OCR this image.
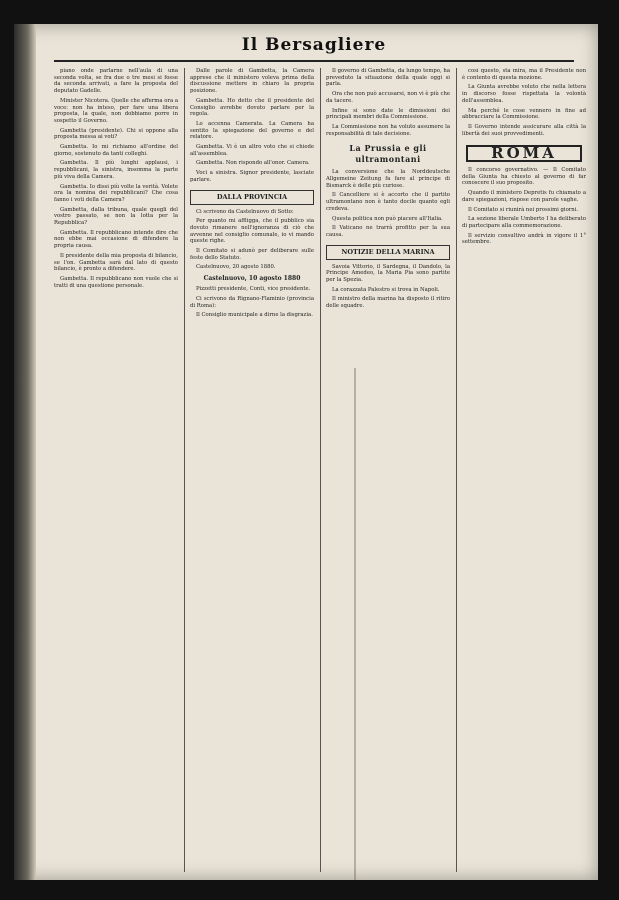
Il Bersagliere

piano onde parlarne nell'aula di una seconda volta, se fra due o tre mesi si fosse da seconda arrivati, a fare la proposta del deputato Gadelle.

Minister Nicotera. Quelle che afferma ora a voce: non ha inteso, per fare una libera proposta, la quale, non dobbiamo porre in sospetto il Governo.

Gambetta (presidente). Chi si oppone alla proposta messa ai voti?

Gambetta. Io mi richiamo all'ordine del giorno, sostenuto da tanti colleghi.

Gambetta. Il più lunghi applausi, i repubblicani, la sinistra, insomma la parte più viva della Camera.

Gambetta. Io dissi più volte la verità. Volete ora la nomina dei repubblicani? Che cosa fanno i voti della Camera?

Gambetta, dalla tribuna, quale quegli del vostro passato, se non la lotta per la Repubblica?

Gambetta. Il repubblicano intende dire che non ebbe mai occasione di difendere la propria causa.

Il presidente della mia proposta di bilancio, se l'on. Gambetta sarà dal lato di questo bilancio, è pronto a difendere.

Gambetta. Il repubblicano non vuole che si tratti di una questione personale.

Dalle parole di Gambetta, la Camera apprese che il ministero voleva prima della discussione mettere in chiaro la propria posizione.

Gambetta. Ho detto che il presidente del Consiglio avrebbe dovuto parlare per la regola.

Lo accenna Camerata. La Camera ha sentito la spiegazione del governo e del relatore.

Gambetta. Vi è un altro voto che si chiede all'assemblea.

Gambetta. Non rispondo all'onor. Camera.

Voci a sinistra. Signor presidente, lasciate parlare.

DALLA PROVINCIA

Ci scrivono da Castelnuovo di Sotto:

Per quanto mi affligga, che il pubblico sia dovuto rimanere nell'ignoranza di ciò che avvenne nel consiglio comunale, io vi mando queste righe.

Il Comitato si adunò per deliberare sulle feste dello Statuto.

Castelnuovo, 20 agosto 1880.

Castelnuovo, 10 agosto 1880

Pizzetti presidente, Conti, vice presidente.

Ci scrivono da Rignano-Flaminio (provincia di Roma):

Il Consiglio municipale a dirne la disgrazia.

Il governo di Gambetta, da lungo tempo, ha preveduto la situazione della quale oggi si parla.

Ora che non può accusarsi, non vi è più che da tacere.

Infine si sono date le dimissioni dei principali membri della Commissione.

La Commissione non ha voluto assumere la responsabilità di tale decisione.

La Prussia e gli ultramontani

La conversione che la Norddeutsche Allgemeine Zeitung fa fare al principe di Bismarck è delle più curiose.

Il Cancelliere si è accorto che il partito ultramontano non è tanto docile quanto egli credeva.

Questa politica non può piacere all'Italia.

Il Vaticano ne trarrà profitto per la sua causa.

NOTIZIE DELLA MARINA

Savoia Vittorio, il Sardegna, il Dandolo, la Principe Amedeo, la Maria Pia sono partite per la Spezia.

La corazzata Palestro si trova in Napoli.

Il ministro della marina ha disposto il ritiro delle squadre.

così questo, sta mira, ma il Presidente non è contento di questa mozione.

La Giunta avrebbe voluto che nella lettera in discorso fosse rispettata la volontà dell'assemblea.

Ma perché le cose vennero in fine ad abbracciare la Commissione.

Il Governo intende assicurare alla città la libertà dei suoi provvedimenti.

ROMA

Il concorso governativo. — Il Comitato della Giunta ha chiesto al governo di far conoscere il suo proposito.

Quando il ministero Depretis fu chiamato a dare spiegazioni, rispose con parole vaghe.

Il Comitato si riunirà nei prossimi giorni.

La sezione liberale Umberto I ha deliberato di partecipare alla commemorazione.

Il servizio consultivo andrà in vigore il 1° settembre.
